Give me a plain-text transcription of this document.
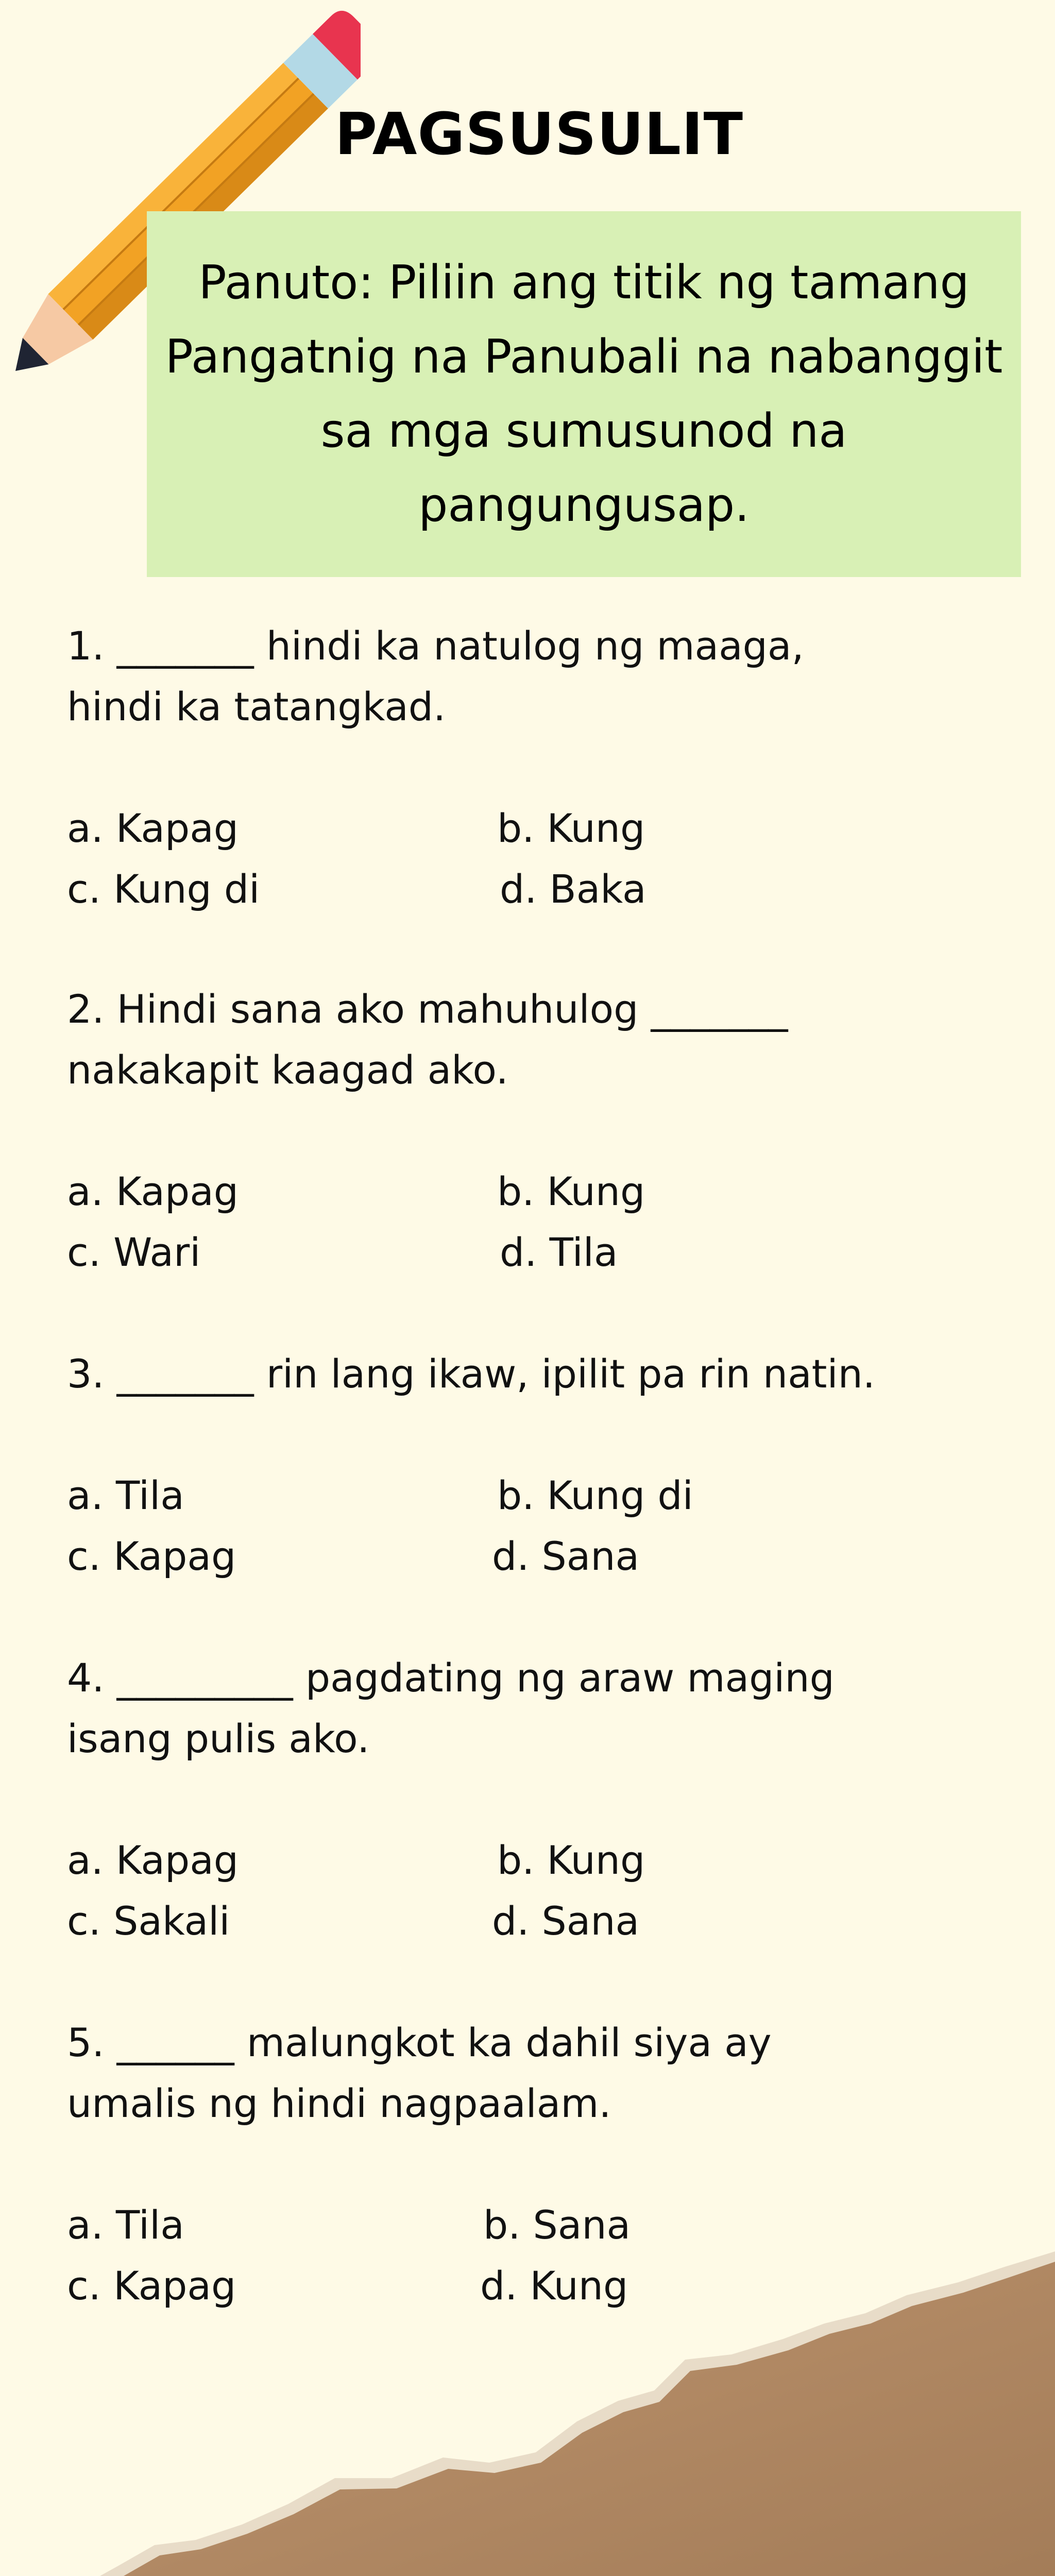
PAGSUSULIT
Panuto: Piliin ang titik ng tamang Pangatnig na Panubali na nabanggit sa mga sumusunod na pangungusap.
1. _______ hindi ka natulog ng maaga,
hindi ka tatangkad.
a. Kapag	b. Kung
c. Kung di	d. Baka
2. Hindi sana ako mahuhulog _______
nakakapit kaagad ako.
a. Kapag	b. Kung
c. Wari	d. Tila
3. _______ rin lang ikaw, ipilit pa rin natin.
a. Tila	b. Kung di
c. Kapag	d. Sana
4. _________ pagdating ng araw maging
isang pulis ako.
a. Kapag	b. Kung
c. Sakali	d. Sana
5. ______ malungkot ka dahil siya ay
umalis ng hindi nagpaalam.
a. Tila	b. Sana
c. Kapag	d. Kung
